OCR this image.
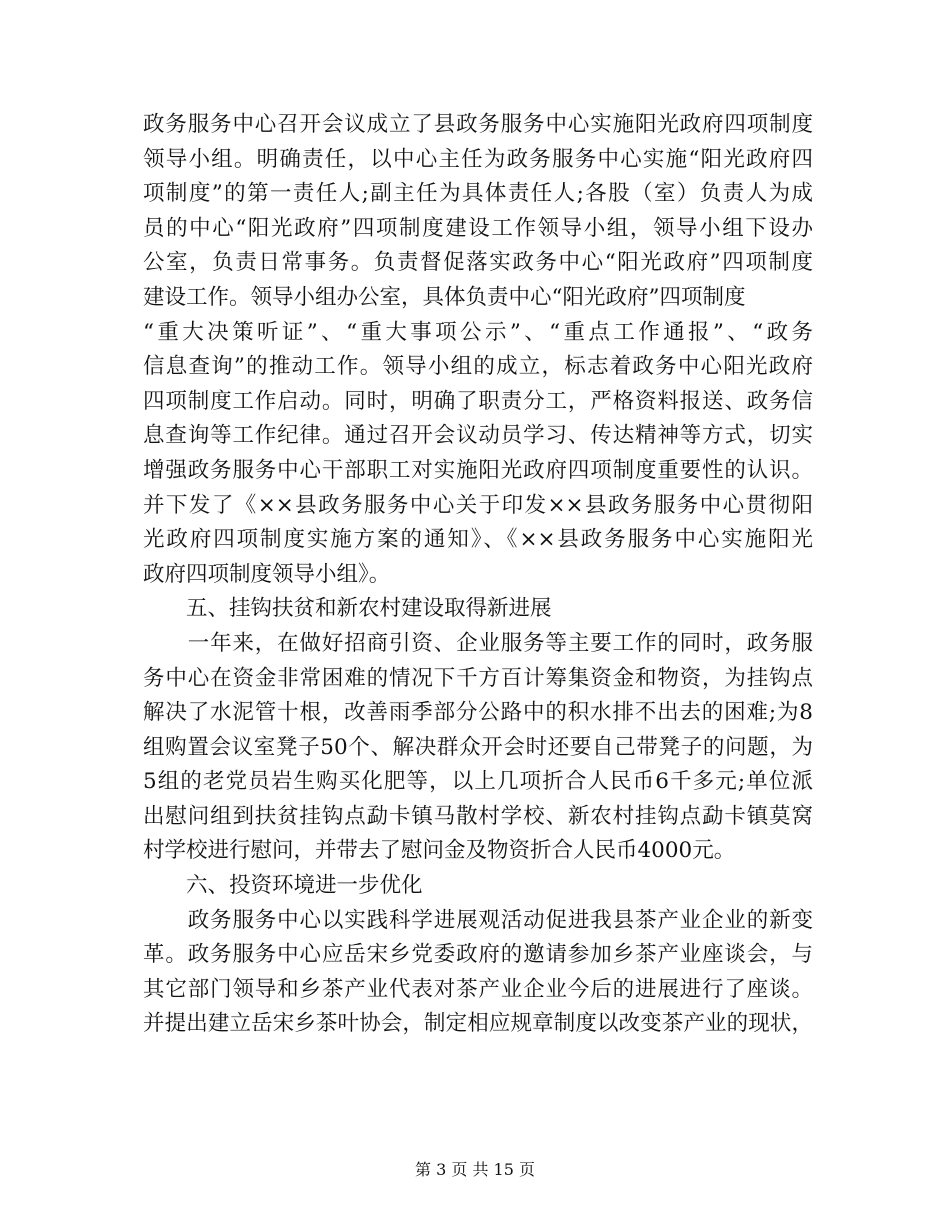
政务服务中心召开会议成立了县政务服务中心实施阳光政府四项制度
领导小组。明确责任，以中心主任为政务服务中心实施“阳光政府四
项制度”的第一责任人;副主任为具体责任人;各股（室）负责人为成
员的中心“阳光政府”四项制度建设工作领导小组，领导小组下设办
公室，负责日常事务。负责督促落实政务中心“阳光政府”四项制度
建设工作。领导小组办公室，具体负责中心“阳光政府”四项制度
“重大决策听证”、“重大事项公示”、“重点工作通报”、“政务
信息查询”的推动工作。领导小组的成立，标志着政务中心阳光政府
四项制度工作启动。同时，明确了职责分工，严格资料报送、政务信
息查询等工作纪律。通过召开会议动员学习、传达精神等方式，切实
增强政务服务中心干部职工对实施阳光政府四项制度重要性的认识。
并下发了《××县政务服务中心关于印发××县政务服务中心贯彻阳
光政府四项制度实施方案的通知》、《××县政务服务中心实施阳光
政府四项制度领导小组》。
　　五、挂钩扶贫和新农村建设取得新进展
　　一年来，在做好招商引资、企业服务等主要工作的同时，政务服
务中心在资金非常困难的情况下千方百计筹集资金和物资，为挂钩点
解决了水泥管十根，改善雨季部分公路中的积水排不出去的困难;为8
组购置会议室凳子50个、解决群众开会时还要自己带凳子的问题，为
5组的老党员岩生购买化肥等，以上几项折合人民币6千多元;单位派
出慰问组到扶贫挂钩点勐卡镇马散村学校、新农村挂钩点勐卡镇莫窝
村学校进行慰问，并带去了慰问金及物资折合人民币4000元。
　　六、投资环境进一步优化
　　政务服务中心以实践科学进展观活动促进我县茶产业企业的新变
革。政务服务中心应岳宋乡党委政府的邀请参加乡茶产业座谈会，与
其它部门领导和乡茶产业代表对茶产业企业今后的进展进行了座谈。
并提出建立岳宋乡茶叶协会，制定相应规章制度以改变茶产业的现状，
第 3 页 共 15 页
